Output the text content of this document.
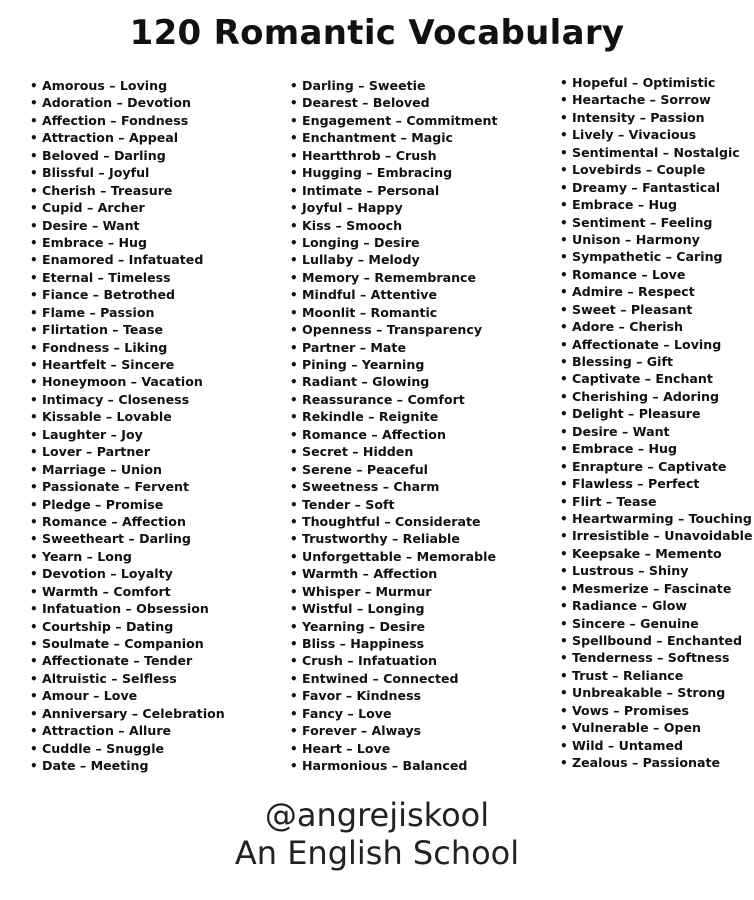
120 Romantic Vocabulary
• Amorous – Loving
• Adoration – Devotion
• Affection – Fondness
• Attraction – Appeal
• Beloved – Darling
• Blissful – Joyful
• Cherish – Treasure
• Cupid – Archer
• Desire – Want
• Embrace – Hug
• Enamored – Infatuated
• Eternal – Timeless
• Fiance – Betrothed
• Flame – Passion
• Flirtation – Tease
• Fondness – Liking
• Heartfelt – Sincere
• Honeymoon – Vacation
• Intimacy – Closeness
• Kissable – Lovable
• Laughter – Joy
• Lover – Partner
• Marriage – Union
• Passionate – Fervent
• Pledge – Promise
• Romance – Affection
• Sweetheart – Darling
• Yearn – Long
• Devotion – Loyalty
• Warmth – Comfort
• Infatuation – Obsession
• Courtship – Dating
• Soulmate – Companion
• Affectionate – Tender
• Altruistic – Selfless
• Amour – Love
• Anniversary – Celebration
• Attraction – Allure
• Cuddle – Snuggle
• Date – Meeting
• Darling – Sweetie
• Dearest – Beloved
• Engagement – Commitment
• Enchantment – Magic
• Heartthrob – Crush
• Hugging – Embracing
• Intimate – Personal
• Joyful – Happy
• Kiss – Smooch
• Longing – Desire
• Lullaby – Melody
• Memory – Remembrance
• Mindful – Attentive
• Moonlit – Romantic
• Openness – Transparency
• Partner – Mate
• Pining – Yearning
• Radiant – Glowing
• Reassurance – Comfort
• Rekindle – Reignite
• Romance – Affection
• Secret – Hidden
• Serene – Peaceful
• Sweetness – Charm
• Tender – Soft
• Thoughtful – Considerate
• Trustworthy – Reliable
• Unforgettable – Memorable
• Warmth – Affection
• Whisper – Murmur
• Wistful – Longing
• Yearning – Desire
• Bliss – Happiness
• Crush – Infatuation
• Entwined – Connected
• Favor – Kindness
• Fancy – Love
• Forever – Always
• Heart – Love
• Harmonious – Balanced
• Hopeful – Optimistic
• Heartache – Sorrow
• Intensity – Passion
• Lively – Vivacious
• Sentimental – Nostalgic
• Lovebirds – Couple
• Dreamy – Fantastical
• Embrace – Hug
• Sentiment – Feeling
• Unison – Harmony
• Sympathetic – Caring
• Romance – Love
• Admire – Respect
• Sweet – Pleasant
• Adore – Cherish
• Affectionate – Loving
• Blessing – Gift
• Captivate – Enchant
• Cherishing – Adoring
• Delight – Pleasure
• Desire – Want
• Embrace – Hug
• Enrapture – Captivate
• Flawless – Perfect
• Flirt – Tease
• Heartwarming – Touching
• Irresistible – Unavoidable
• Keepsake – Memento
• Lustrous – Shiny
• Mesmerize – Fascinate
• Radiance – Glow
• Sincere – Genuine
• Spellbound – Enchanted
• Tenderness – Softness
• Trust – Reliance
• Unbreakable – Strong
• Vows – Promises
• Vulnerable – Open
• Wild – Untamed
• Zealous – Passionate
@angrejiskool
An English School
